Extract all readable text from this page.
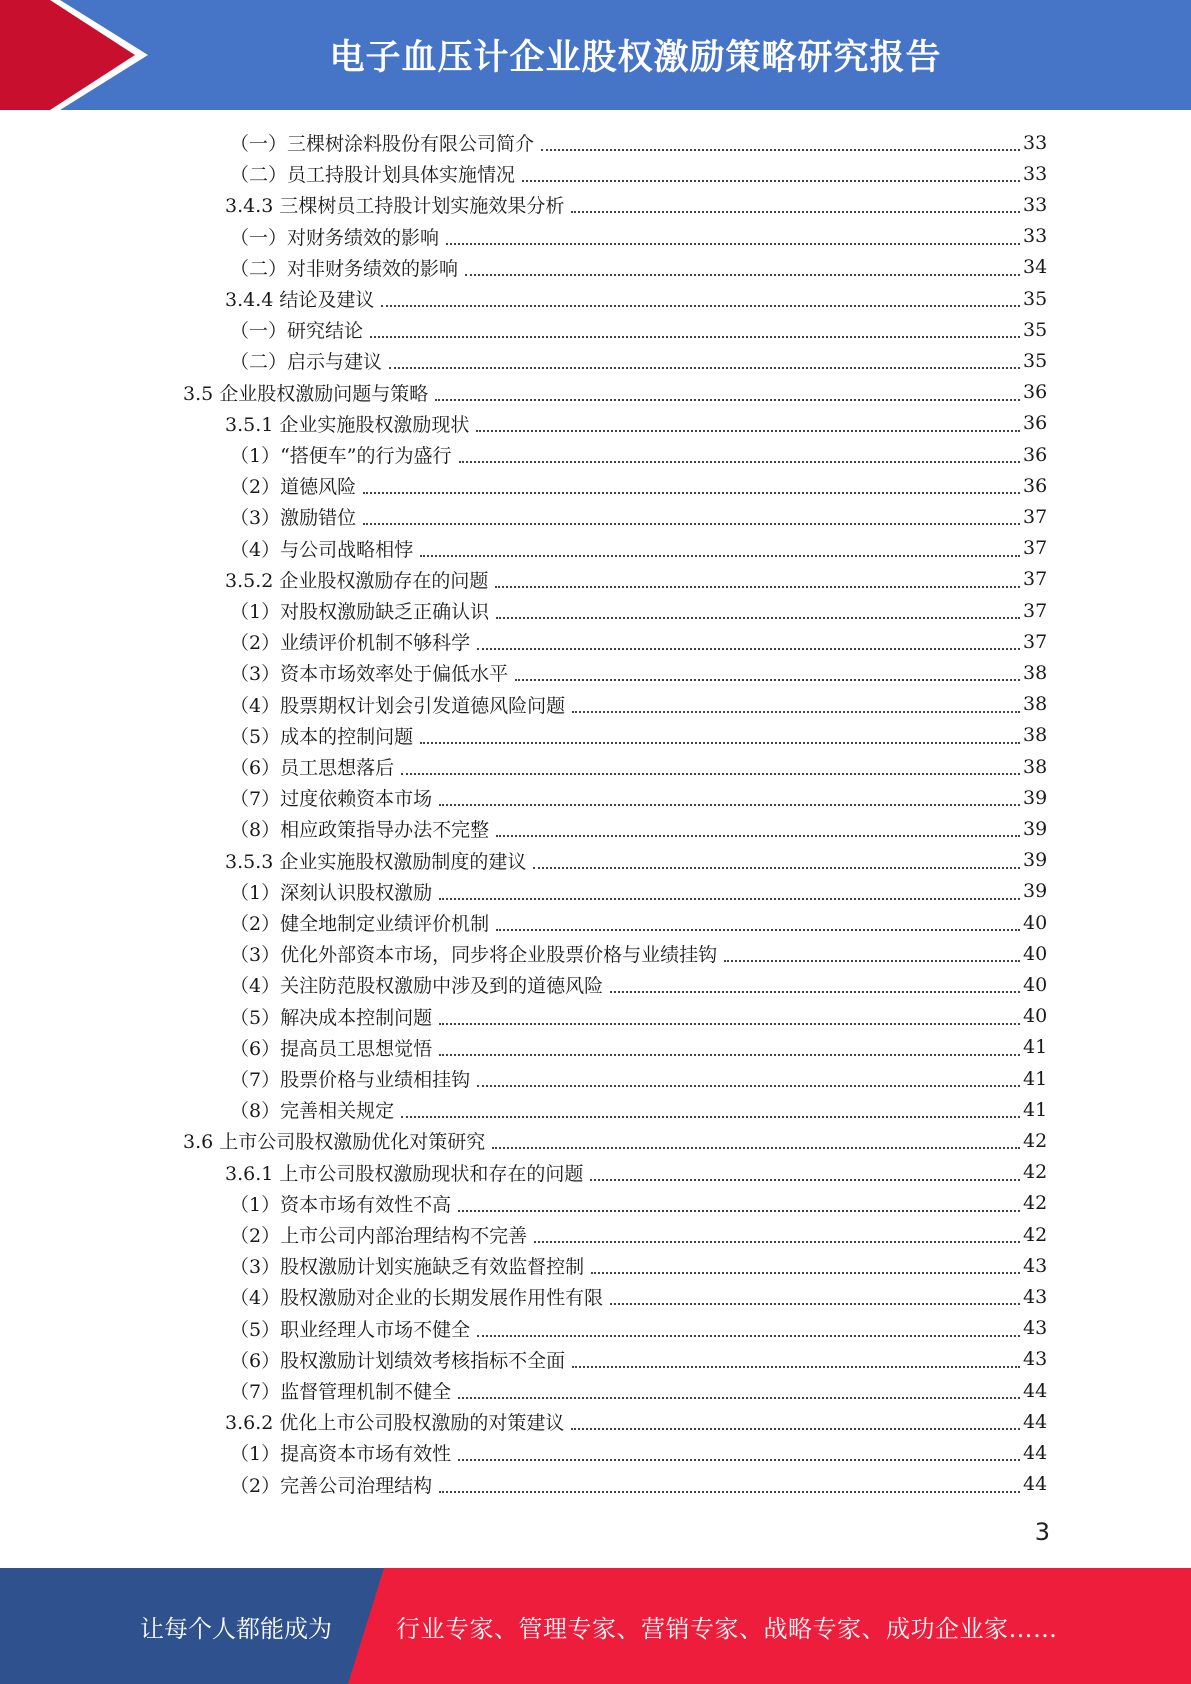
电子血压计企业股权激励策略研究报告
（一）三棵树涂料股份有限公司简介	33
（二）员工持股计划具体实施情况	33
3.4.3 三棵树员工持股计划实施效果分析	33
（一）对财务绩效的影响	33
（二）对非财务绩效的影响	34
3.4.4 结论及建议	35
（一）研究结论	35
（二）启示与建议	35
3.5 企业股权激励问题与策略	36
3.5.1 企业实施股权激励现状	36
（1）“搭便车”的行为盛行	36
（2）道德风险	36
（3）激励错位	37
（4）与公司战略相悖	37
3.5.2 企业股权激励存在的问题	37
（1）对股权激励缺乏正确认识	37
（2）业绩评价机制不够科学	37
（3）资本市场效率处于偏低水平	38
（4）股票期权计划会引发道德风险问题	38
（5）成本的控制问题	38
（6）员工思想落后	38
（7）过度依赖资本市场	39
（8）相应政策指导办法不完整	39
3.5.3 企业实施股权激励制度的建议	39
（1）深刻认识股权激励	39
（2）健全地制定业绩评价机制	40
（3）优化外部资本市场，同步将企业股票价格与业绩挂钩	40
（4）关注防范股权激励中涉及到的道德风险	40
（5）解决成本控制问题	40
（6）提高员工思想觉悟	41
（7）股票价格与业绩相挂钩	41
（8）完善相关规定	41
3.6 上市公司股权激励优化对策研究	42
3.6.1 上市公司股权激励现状和存在的问题	42
（1）资本市场有效性不高	42
（2）上市公司内部治理结构不完善	42
（3）股权激励计划实施缺乏有效监督控制	43
（4）股权激励对企业的长期发展作用性有限	43
（5）职业经理人市场不健全	43
（6）股权激励计划绩效考核指标不全面	43
（7）监督管理机制不健全	44
3.6.2 优化上市公司股权激励的对策建议	44
（1）提高资本市场有效性	44
（2）完善公司治理结构	44
3
让每个人都能成为	行业专家、管理专家、营销专家、战略专家、成功企业家……
